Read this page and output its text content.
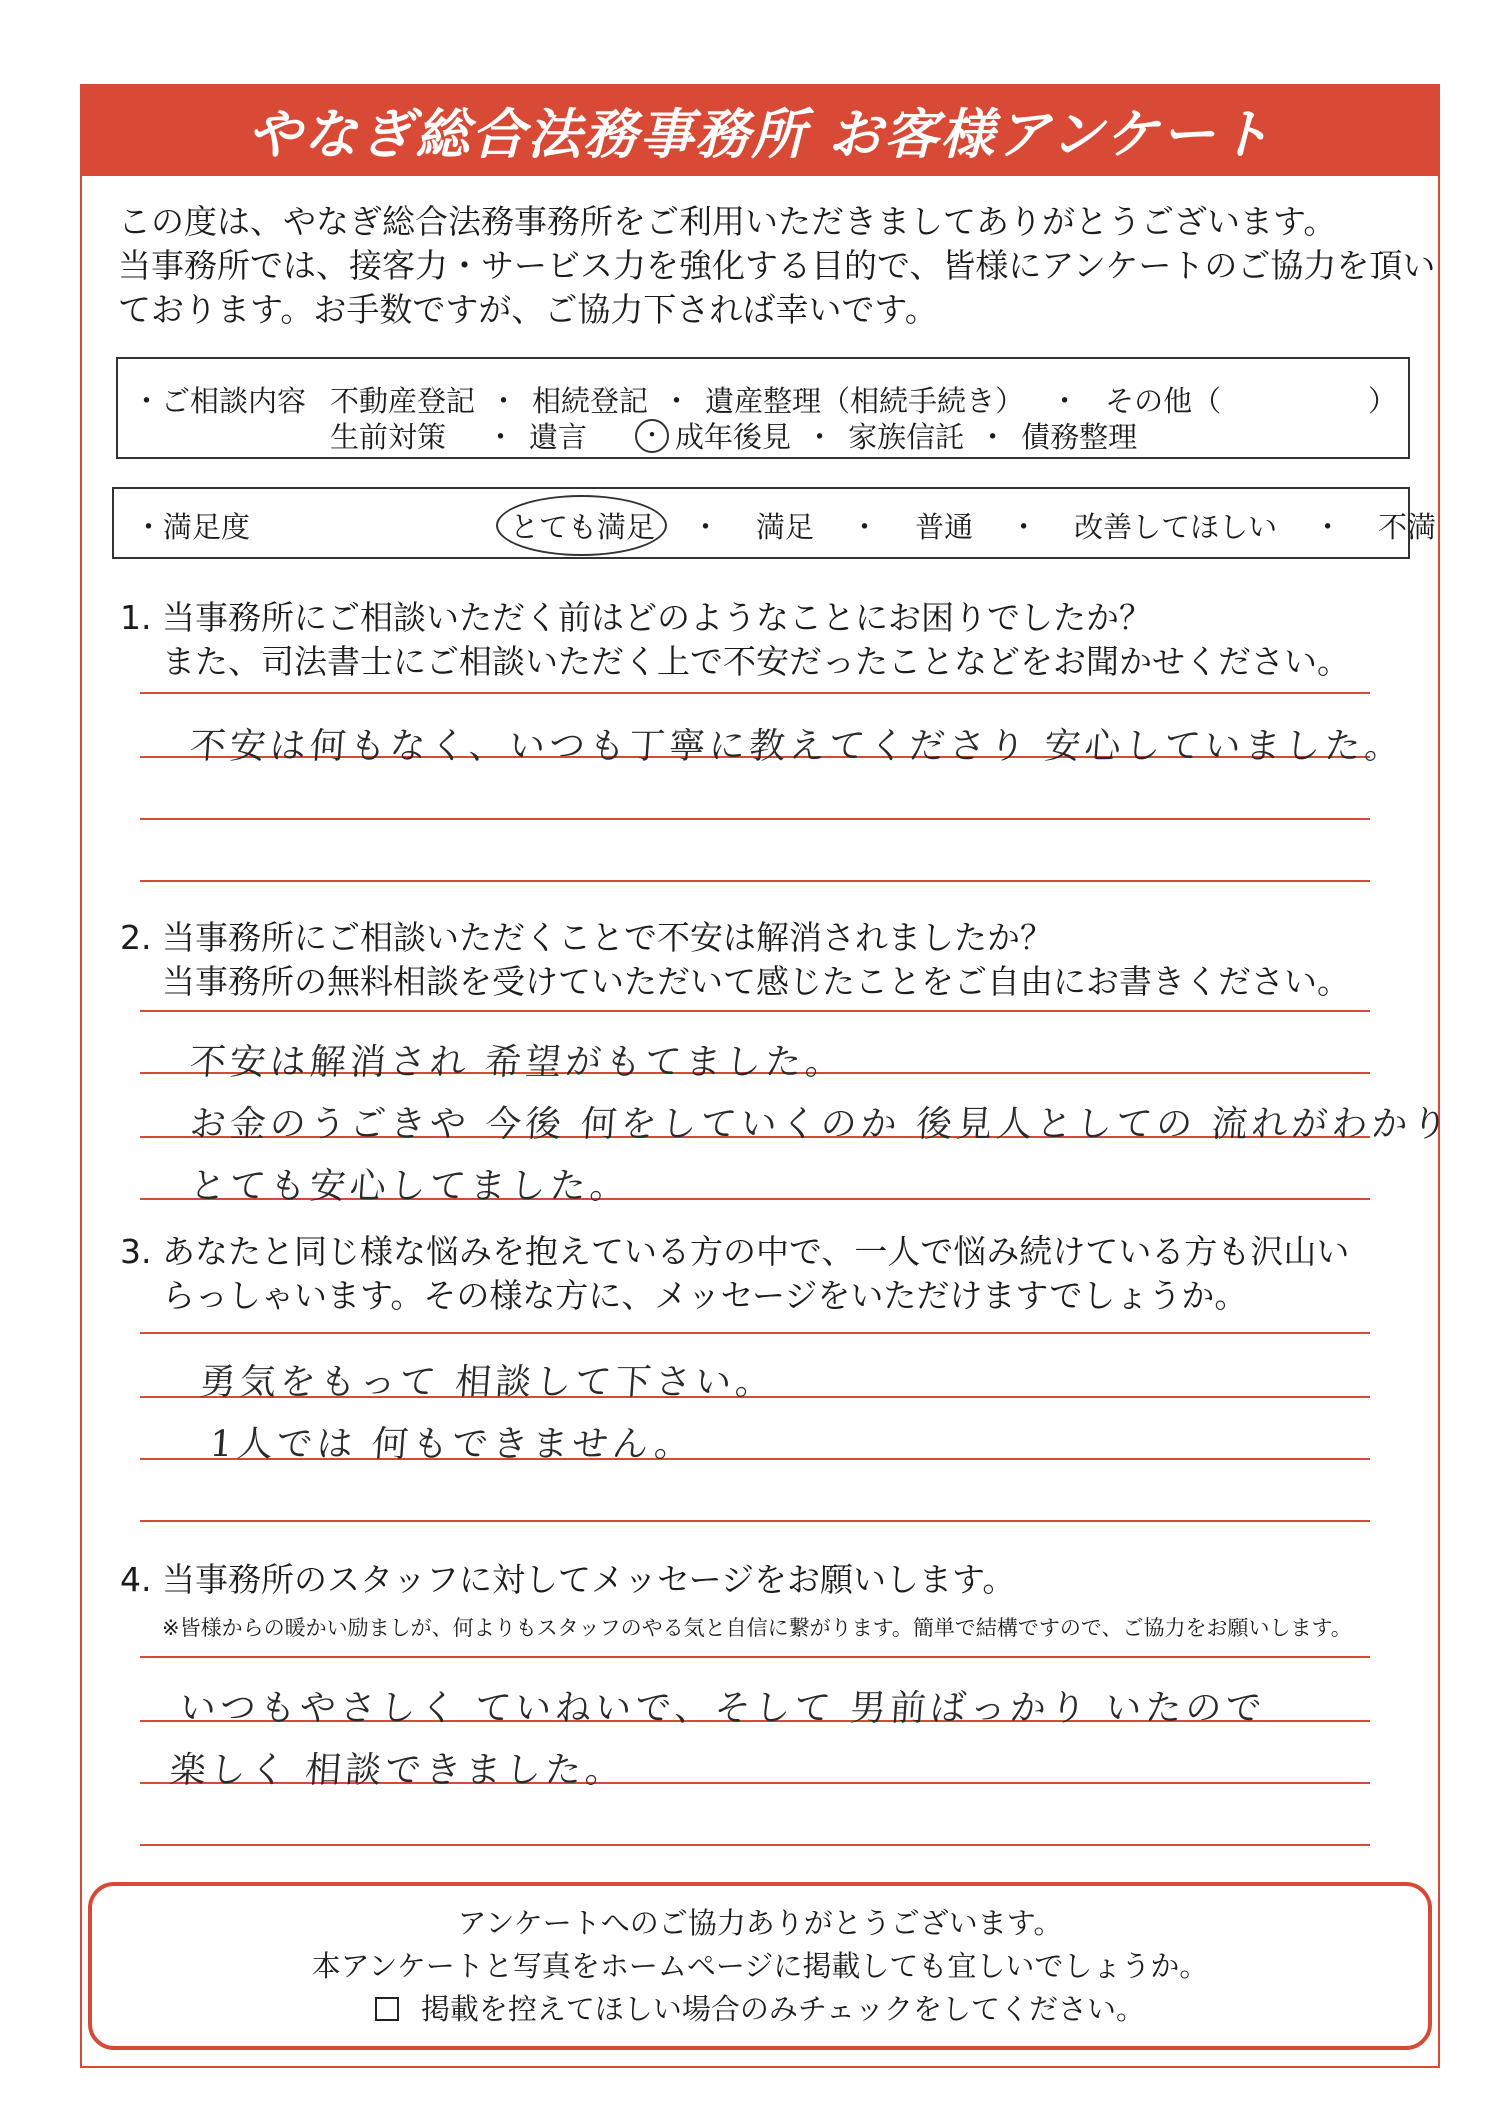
やなぎ総合法務事務所 お客様アンケート
この度は、やなぎ総合法務事務所をご利用いただきましてありがとうございます。
当事務所では、接客力・サービス力を強化する目的で、皆様にアンケートのご協力を頂い
ております。お手数ですが、ご協力下されば幸いです。
・ご相談内容 不動産登記 ・ 相続登記 ・ 遺産整理（相続手続き） ・ その他（	）
生前対策 ・ 遺言 ・ 成年後見 ・ 家族信託 ・ 債務整理
・満足度	とても満足 ・ 満足 ・ 普通 ・ 改善してほしい ・ 不満
1. 当事務所にご相談いただく前はどのようなことにお困りでしたか？
また、司法書士にご相談いただく上で不安だったことなどをお聞かせください。
不安は何もなく、いつも丁寧に教えてくださり 安心していました。
2. 当事務所にご相談いただくことで不安は解消されましたか？
当事務所の無料相談を受けていただいて感じたことをご自由にお書きください。
不安は解消され 希望がもてました。
お金のうごきや 今後 何をしていくのか 後見人としての 流れがわかり
とても安心してました。
3. あなたと同じ様な悩みを抱えている方の中で、一人で悩み続けている方も沢山い
らっしゃいます。その様な方に、メッセージをいただけますでしょうか。
勇気をもって 相談して下さい。
1人では 何もできません。
4. 当事務所のスタッフに対してメッセージをお願いします。
※皆様からの暖かい励ましが、何よりもスタッフのやる気と自信に繋がります。簡単で結構ですので、ご協力をお願いします。
いつもやさしく ていねいで、そして 男前ばっかり いたので
楽しく 相談できました。
アンケートへのご協力ありがとうございます。
本アンケートと写真をホームページに掲載しても宜しいでしょうか。
掲載を控えてほしい場合のみチェックをしてください。
